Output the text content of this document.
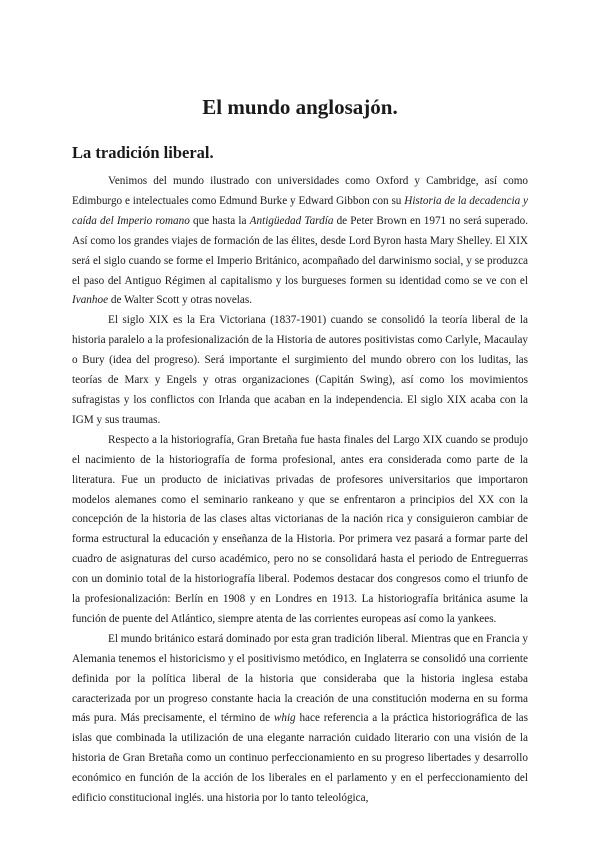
El mundo anglosajón.
La tradición liberal.

Venimos del mundo ilustrado con universidades como Oxford y Cambridge, así como Edimburgo e intelectuales como Edmund Burke y Edward Gibbon con su Historia de la decadencia y caída del Imperio romano que hasta la Antigüedad Tardía de Peter Brown en 1971 no será superado. Así como los grandes viajes de formación de las élites, desde Lord Byron hasta Mary Shelley. El XIX será el siglo cuando se forme el Imperio Británico, acompañado del darwinismo social, y se produzca el paso del Antiguo Régimen al capitalismo y los burgueses formen su identidad como se ve con el Ivanhoe de Walter Scott y otras novelas.

El siglo XIX es la Era Victoriana (1837-1901) cuando se consolidó la teoría liberal de la historia paralelo a la profesionalización de la Historia de autores positivistas como Carlyle, Macaulay o Bury (idea del progreso). Será importante el surgimiento del mundo obrero con los luditas, las teorías de Marx y Engels y otras organizaciones (Capitán Swing), así como los movimientos sufragistas y los conflictos con Irlanda que acaban en la independencia. El siglo XIX acaba con la IGM y sus traumas.

Respecto a la historiografía, Gran Bretaña fue hasta finales del Largo XIX cuando se produjo el nacimiento de la historiografía de forma profesional, antes era considerada como parte de la literatura. Fue un producto de iniciativas privadas de profesores universitarios que importaron modelos alemanes como el seminario rankeano y que se enfrentaron a principios del XX con la concepción de la historia de las clases altas victorianas de la nación rica y consiguieron cambiar de forma estructural la educación y enseñanza de la Historia. Por primera vez pasará a formar parte del cuadro de asignaturas del curso académico, pero no se consolidará hasta el periodo de Entreguerras con un dominio total de la historiografía liberal. Podemos destacar dos congresos como el triunfo de la profesionalización: Berlín en 1908 y en Londres en 1913. La historiografía británica asume la función de puente del Atlántico, siempre atenta de las corrientes europeas así como la yankees.

El mundo británico estará dominado por esta gran tradición liberal. Mientras que en Francia y Alemania tenemos el historicismo y el positivismo metódico, en Inglaterra se consolidó una corriente definida por la política liberal de la historia que consideraba que la historia inglesa estaba caracterizada por un progreso constante hacia la creación de una constitución moderna en su forma más pura. Más precisamente, el término de whig hace referencia a la práctica historiográfica de las islas que combinada la utilización de una elegante narración cuidado literario con una visión de la historia de Gran Bretaña como un continuo perfeccionamiento en su progreso libertades y desarrollo económico en función de la acción de los liberales en el parlamento y en el perfeccionamiento del edificio constitucional inglés. una historia por lo tanto teleológica,
